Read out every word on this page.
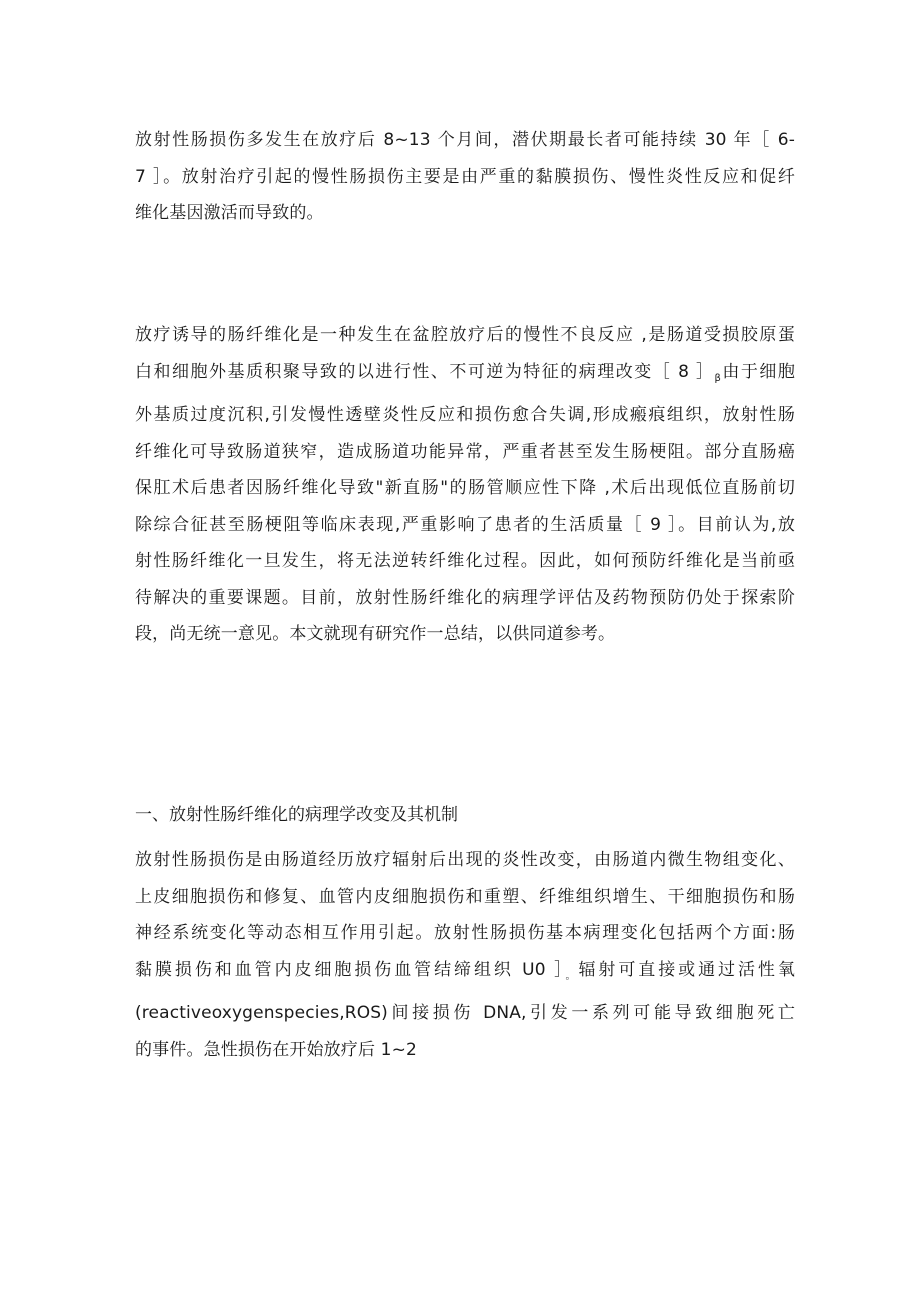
放射性肠损伤多发生在放疗后 8~13 个月间，潜伏期最长者可能持续 30 年［ 6-
7 ］。放射治疗引起的慢性肠损伤主要是由严重的黏膜损伤、慢性炎性反应和促纤
维化基因激活而导致的。
放疗诱导的肠纤维化是一种发生在盆腔放疗后的慢性不良反应 ,是肠道受损胶原蛋
白和细胞外基质积聚导致的以进行性、不可逆为特征的病理改变［ 8 $]_\beta$由于细胞
外基质过度沉积,引发慢性透壁炎性反应和损伤愈合失调,形成瘢痕组织，放射性肠
纤维化可导致肠道狭窄，造成肠道功能异常，严重者甚至发生肠梗阻。部分直肠癌
保肛术后患者因肠纤维化导致"新直肠"的肠管顺应性下降 ,术后出现低位直肠前切
除综合征甚至肠梗阻等临床表现,严重影响了患者的生活质量［ 9 ］。目前认为,放
射性肠纤维化一旦发生，将无法逆转纤维化过程。因此，如何预防纤维化是当前亟
待解决的重要课题。目前，放射性肠纤维化的病理学评估及药物预防仍处于探索阶
段，尚无统一意见。本文就现有研究作一总结，以供同道参考。
一、放射性肠纤维化的病理学改变及其机制
放射性肠损伤是由肠道经历放疗辐射后出现的炎性改变，由肠道内微生物组变化、
上皮细胞损伤和修复、血管内皮细胞损伤和重塑、纤维组织增生、干细胞损伤和肠
神经系统变化等动态相互作用引起。放射性肠损伤基本病理变化包括两个方面:肠
黏膜损伤和血管内皮细胞损伤血管结缔组织 U0 $]_。$辐射可直接或通过活性氧
(reactiveoxygenspecies,ROS)间接损伤 DNA,引发一系列可能导致细胞死亡
的事件。急性损伤在开始放疗后 1~2
